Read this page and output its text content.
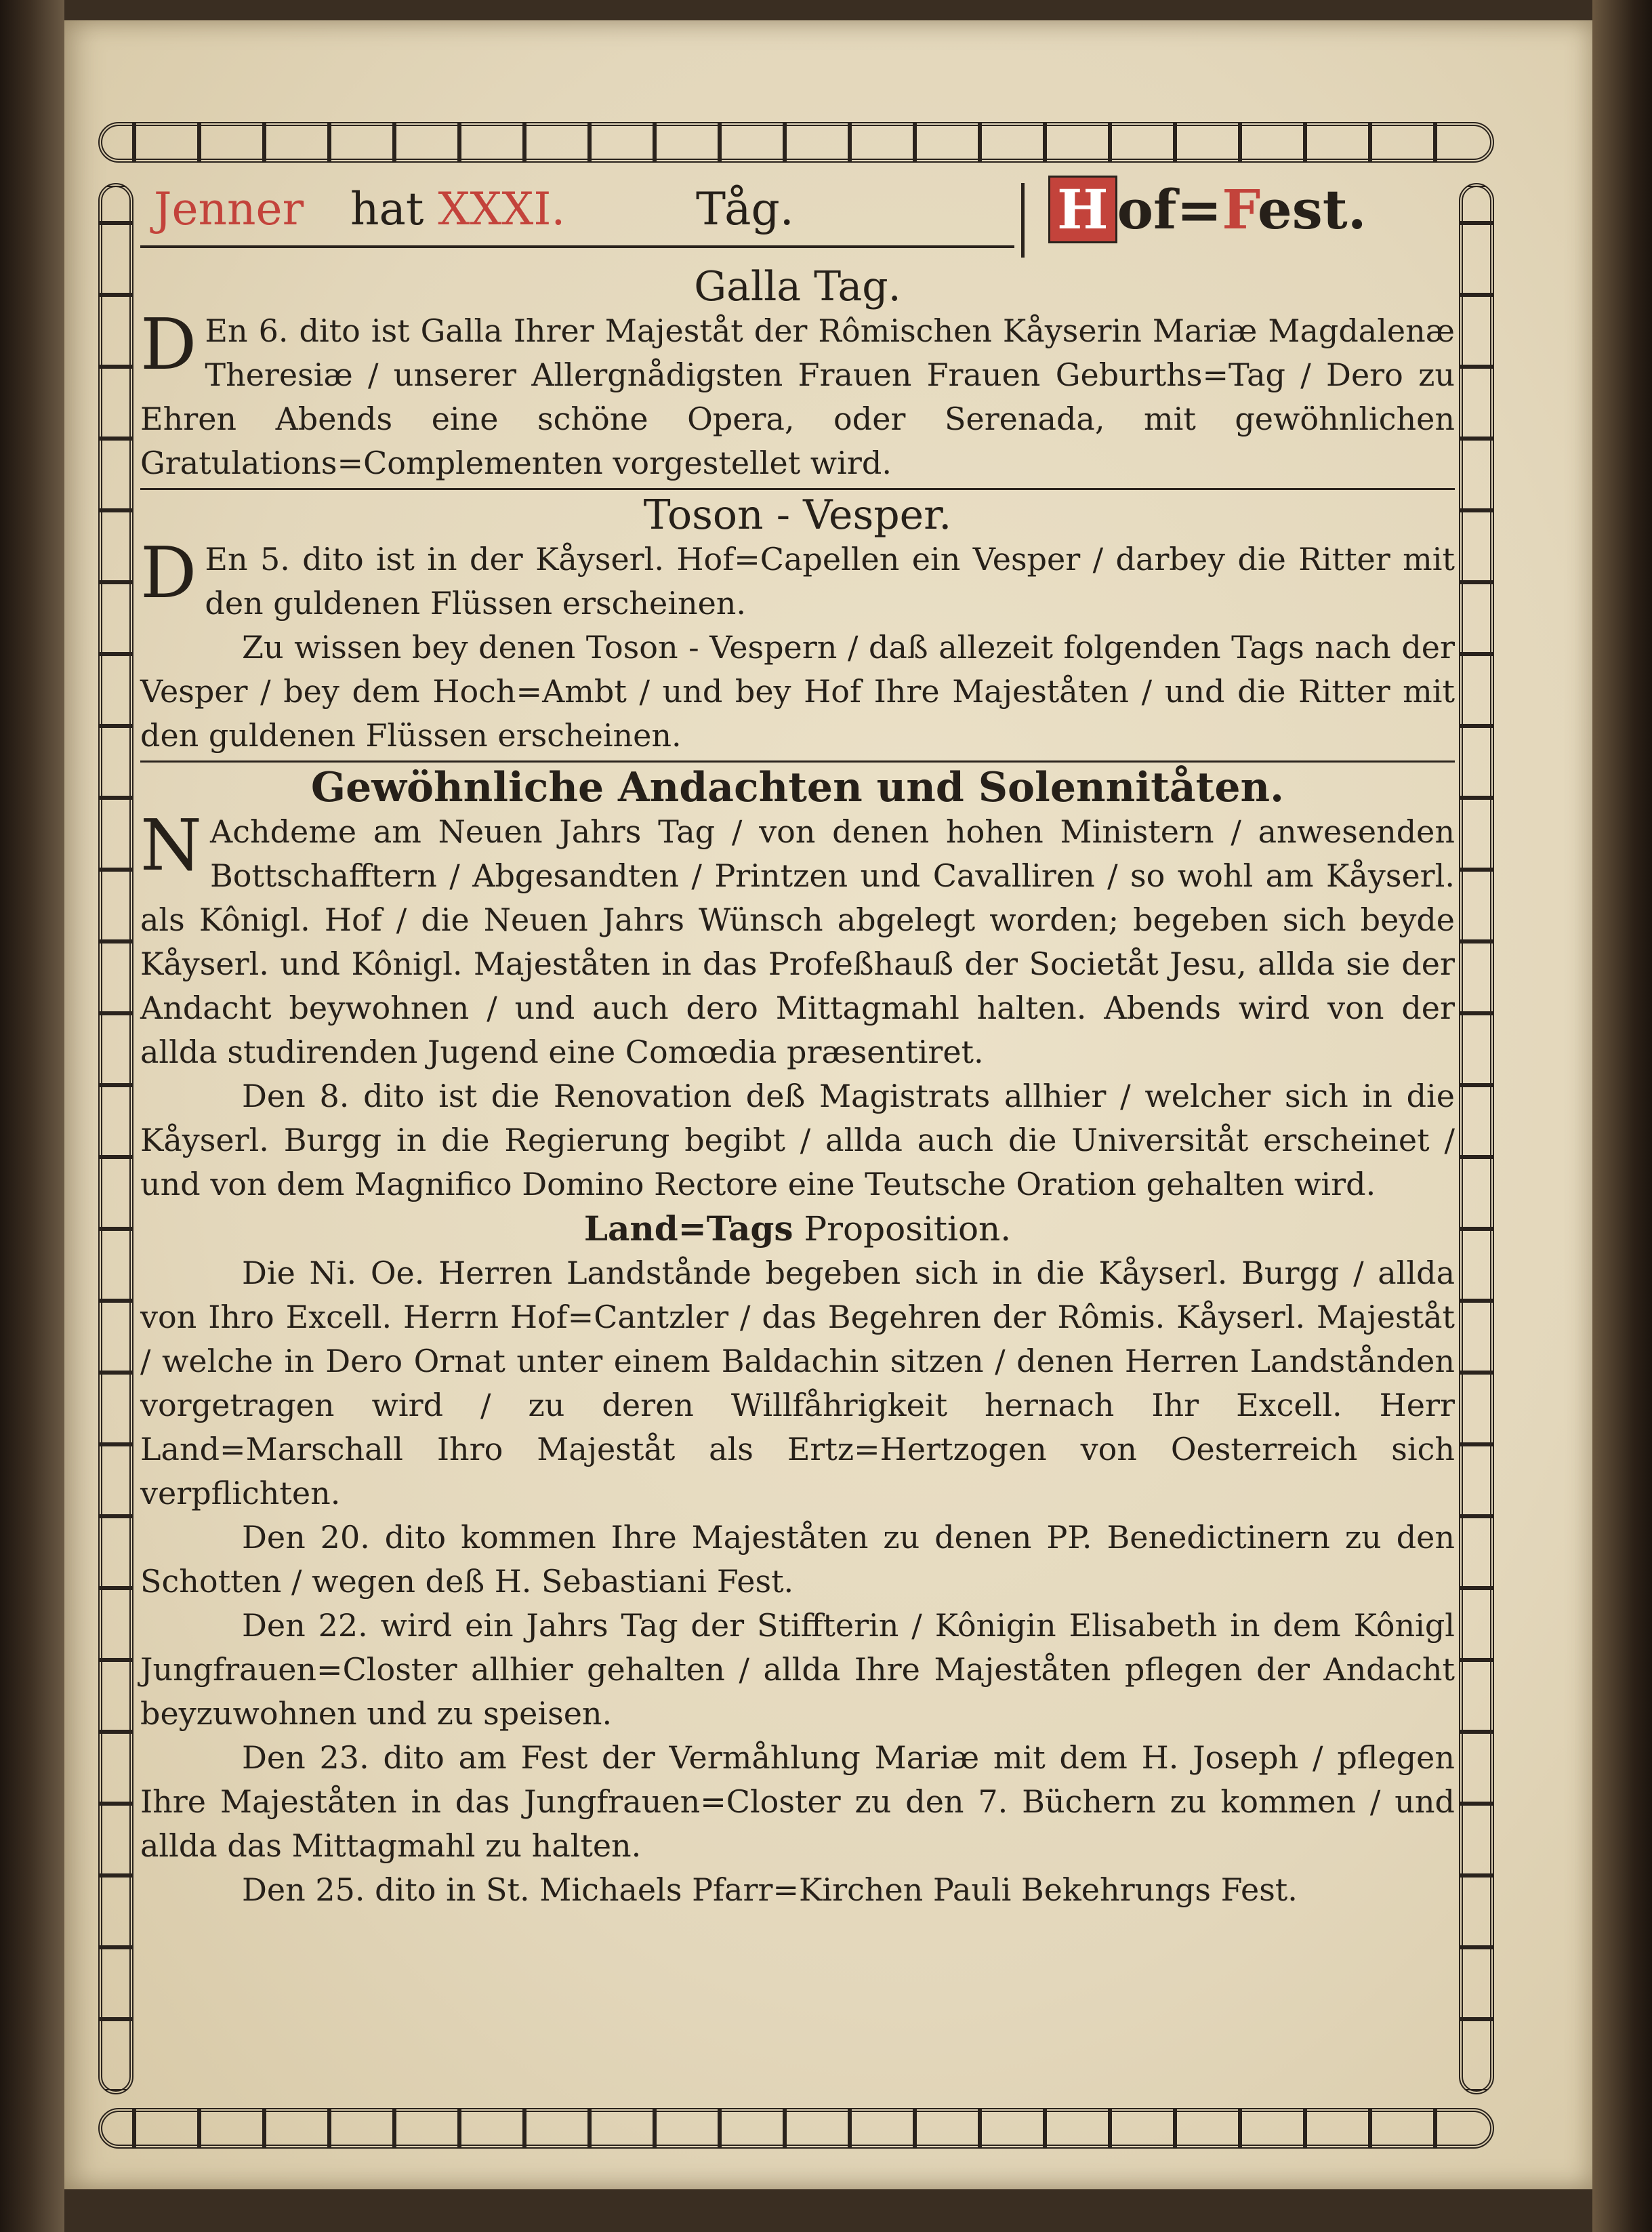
Jenner hat XXXI.	Tåg.	H of=Fest.

Galla Tag.

D En 6. dito ist Galla Ihrer Majeståt der Rômischen Kåyserin Mariæ Magdalenæ Theresiæ / unserer Allergnådigsten Frauen Frauen Geburths=Tag / Dero zu Ehren Abends eine schöne Opera, oder Serenada, mit gewöhnlichen Gratulations=Complementen vorgestellet wird.

Toson - Vesper.

D En 5. dito ist in der Kåyserl. Hof=Capellen ein Vesper / darbey die Ritter mit den guldenen Flüssen erscheinen.

Zu wissen bey denen Toson - Vespern / daß allezeit folgenden Tags nach der Vesper / bey dem Hoch=Ambt / und bey Hof Ihre Majeståten / und die Ritter mit den guldenen Flüssen erscheinen.

Gewöhnliche Andachten und Solennitåten.

N Achdeme am Neuen Jahrs Tag / von denen hohen Ministern / anwesenden Bottschafftern / Abgesandten / Printzen und Cavalliren / so wohl am Kåyserl. als Kônigl. Hof / die Neuen Jahrs Wünsch abgelegt worden; begeben sich beyde Kåyserl. und Kônigl. Majeståten in das Profeßhauß der Societåt Jesu, allda sie der Andacht beywohnen / und auch dero Mittagmahl halten. Abends wird von der allda studirenden Jugend eine Comœdia præsentiret.

Den 8. dito ist die Renovation deß Magistrats allhier / welcher sich in die Kåyserl. Burgg in die Regierung begibt / allda auch die Universitåt erscheinet / und von dem Magnifico Domino Rectore eine Teutsche Oration gehalten wird.

Land=Tags Proposition.

Die Ni. Oe. Herren Landstånde begeben sich in die Kåyserl. Burgg / allda von Ihro Excell. Herrn Hof=Cantzler / das Begehren der Rômis. Kåyserl. Majeståt / welche in Dero Ornat unter einem Baldachin sitzen / denen Herren Landstånden vorgetragen wird / zu deren Willfåhrigkeit hernach Ihr Excell. Herr Land=Marschall Ihro Majeståt als Ertz=Hertzogen von Oesterreich sich verpflichten.

Den 20. dito kommen Ihre Majeståten zu denen PP. Benedictinern zu den Schotten / wegen deß H. Sebastiani Fest.

Den 22. wird ein Jahrs Tag der Stiffterin / Kônigin Elisabeth in dem Kônigl Jungfrauen=Closter allhier gehalten / allda Ihre Majeståten pflegen der Andacht beyzuwohnen und zu speisen.

Den 23. dito am Fest der Vermåhlung Mariæ mit dem H. Joseph / pflegen Ihre Majeståten in das Jungfrauen=Closter zu den 7. Büchern zu kommen / und allda das Mittagmahl zu halten.

Den 25. dito in St. Michaels Pfarr=Kirchen Pauli Bekehrungs Fest.
